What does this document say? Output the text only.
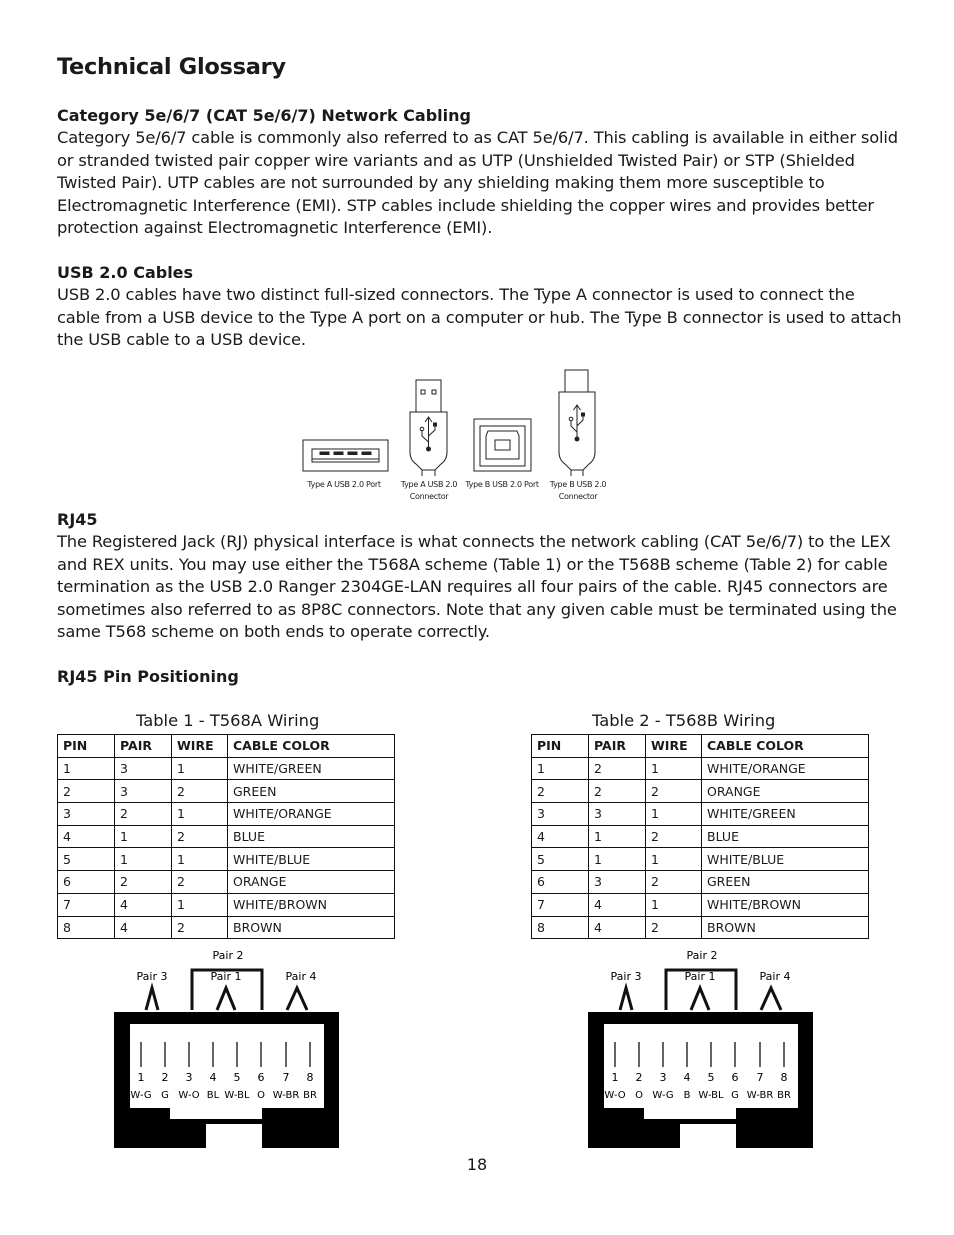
Technical Glossary
Category 5e/6/7 (CAT 5e/6/7) Network Cabling

Category 5e/6/7 cable is commonly also referred to as CAT 5e/6/7. This cabling is available in either solid or stranded twisted pair copper wire variants and as UTP (Unshielded Twisted Pair) or STP (Shielded Twisted Pair). UTP cables are not surrounded by any shielding making them more susceptible to Electromagnetic Interference (EMI). STP cables include shielding the copper wires and provides better protection against Electromagnetic Interference (EMI).

USB 2.0 Cables

USB 2.0 cables have two distinct full-sized connectors. The Type A connector is used to connect the cable from a USB device to the Type A port on a computer or hub. The Type B connector is used to attach the USB cable to a USB device.

Type A USB 2.0 Port	Type A USB 2.0
Connector
Type B USB 2.0 Port	Type B USB 2.0
Connector
RJ45

The Registered Jack (RJ) physical interface is what connects the network cabling (CAT 5e/6/7) to the LEX and REX units. You may use either the T568A scheme (Table 1) or the T568B scheme (Table 2) for cable termination as the USB 2.0 Ranger 2304GE-LAN requires all four pairs of the cable. RJ45 connectors are sometimes also referred to as 8P8C connectors. Note that any given cable must be terminated using the same T568 scheme on both ends to operate correctly.

RJ45 Pin Positioning
Table 1 - T568A Wiring
PIN	PAIR	WIRE	CABLE COLOR
1	3	1	WHITE/GREEN
2	3	2	GREEN
3	2	1	WHITE/ORANGE
4	1	2	BLUE
5	1	1	WHITE/BLUE
6	2	2	ORANGE
7	4	1	WHITE/BROWN
8	4	2	BROWN
Table 2 - T568B Wiring
PIN	PAIR	WIRE	CABLE COLOR
1	2	1	WHITE/ORANGE
2	2	2	ORANGE
3	3	1	WHITE/GREEN
4	1	2	BLUE
5	1	1	WHITE/BLUE
6	3	2	GREEN
7	4	1	WHITE/BROWN
8	4	2	BROWN
Pair 2
Pair 3	Pair 1	Pair 4
1
W-G
2
G
3
W-O
4
BL
5
W-BL
6
O
7
W-BR
8
BR
Pair 2
Pair 3	Pair 1	Pair 4
1
W-O
2
O
3
W-G
4
B
5
W-BL
6
G
7
W-BR
8
BR
18
